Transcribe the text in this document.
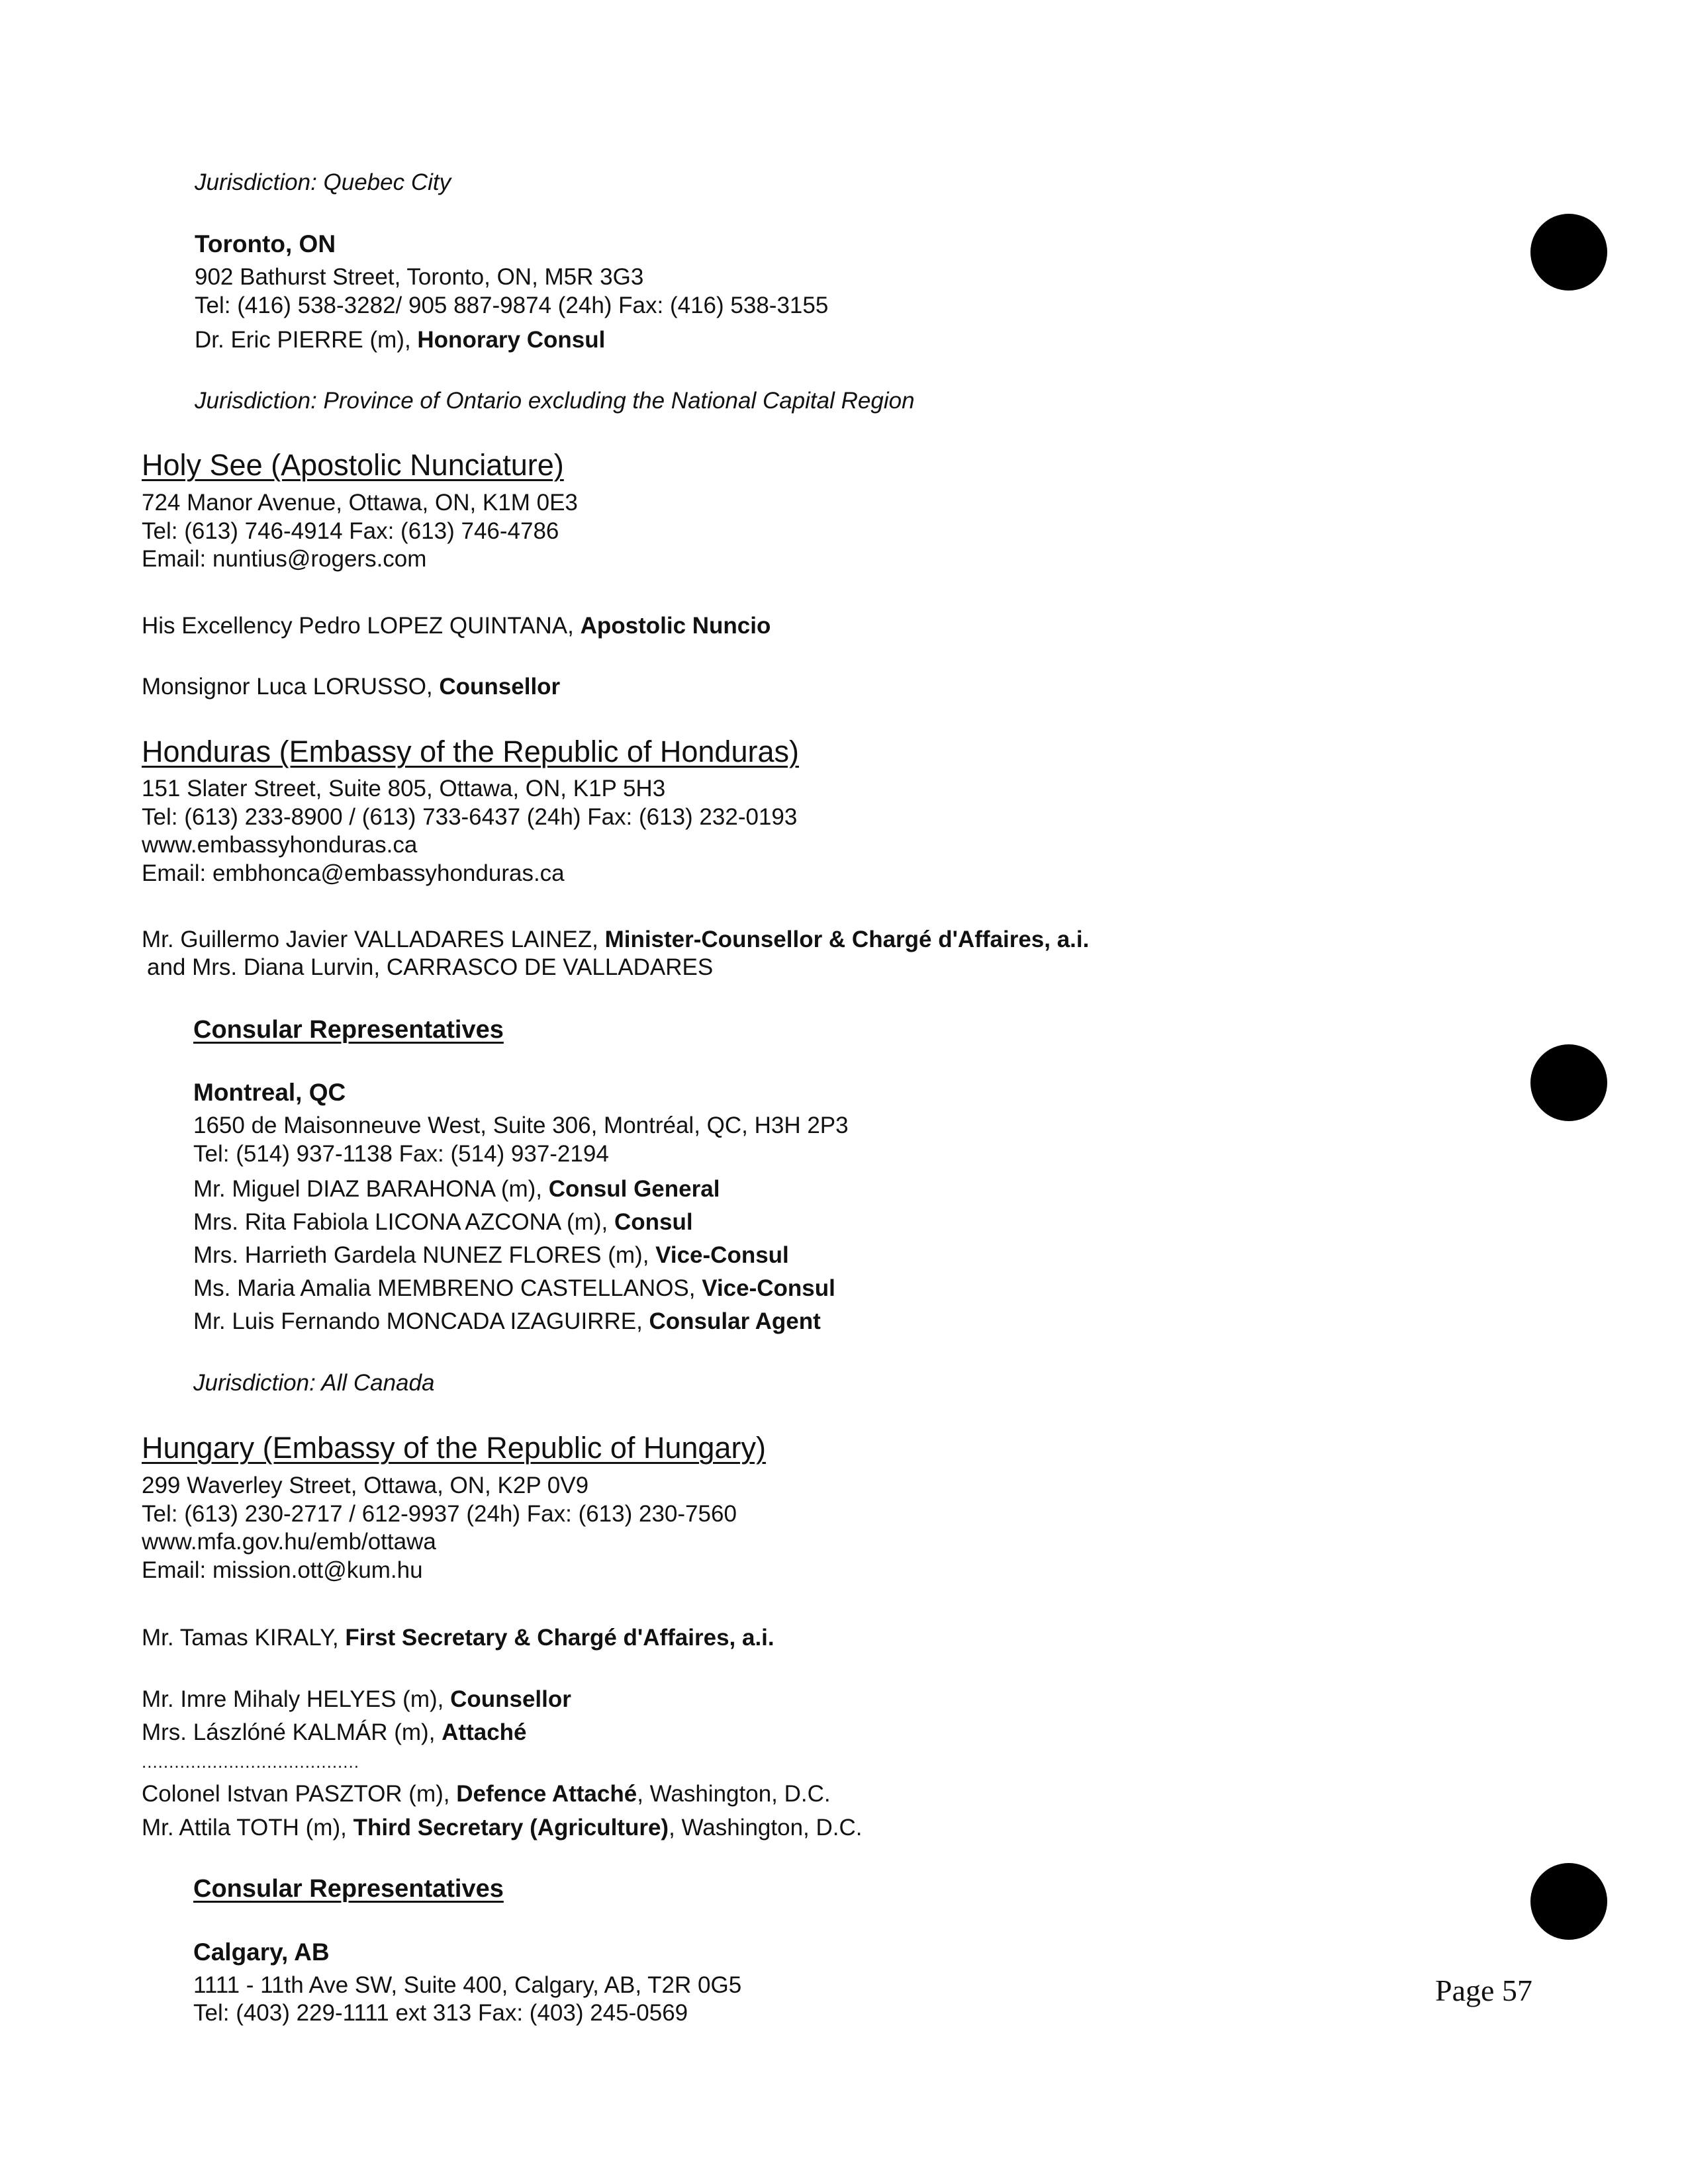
Page 57
Jurisdiction: Quebec City
Toronto, ON
902 Bathurst Street, Toronto, ON, M5R 3G3
Tel: (416) 538-3282/ 905 887-9874 (24h) Fax: (416) 538-3155
Dr. Eric PIERRE (m), Honorary Consul
Jurisdiction: Province of Ontario excluding the National Capital Region
Holy See (Apostolic Nunciature)
724 Manor Avenue, Ottawa, ON, K1M 0E3
Tel: (613) 746-4914 Fax: (613) 746-4786
Email: nuntius@rogers.com
His Excellency Pedro LOPEZ QUINTANA, Apostolic Nuncio
Monsignor Luca LORUSSO, Counsellor
Honduras (Embassy of the Republic of Honduras)
151 Slater Street, Suite 805, Ottawa, ON, K1P 5H3
Tel: (613) 233-8900 / (613) 733-6437 (24h) Fax: (613) 232-0193
www.embassyhonduras.ca
Email: embhonca@embassyhonduras.ca
Mr. Guillermo Javier VALLADARES LAINEZ, Minister-Counsellor & Chargé d'Affaires, a.i.
and Mrs. Diana Lurvin, CARRASCO DE VALLADARES
Consular Representatives
Montreal, QC
1650 de Maisonneuve West, Suite 306, Montréal, QC, H3H 2P3
Tel: (514) 937-1138 Fax: (514) 937-2194
Mr. Miguel DIAZ BARAHONA (m), Consul General
Mrs. Rita Fabiola LICONA AZCONA (m), Consul
Mrs. Harrieth Gardela NUNEZ FLORES (m), Vice-Consul
Ms. Maria Amalia MEMBRENO CASTELLANOS, Vice-Consul
Mr. Luis Fernando MONCADA IZAGUIRRE, Consular Agent
Jurisdiction: All Canada
Hungary (Embassy of the Republic of Hungary)
299 Waverley Street, Ottawa, ON, K2P 0V9
Tel: (613) 230-2717 / 612-9937 (24h) Fax: (613) 230-7560
www.mfa.gov.hu/emb/ottawa
Email: mission.ott@kum.hu
Mr. Tamas KIRALY, First Secretary & Chargé d'Affaires, a.i.
Mr. Imre Mihaly HELYES (m), Counsellor
Mrs. Lászlóné KALMÁR (m), Attaché
........................................
Colonel Istvan PASZTOR (m), Defence Attaché, Washington, D.C.
Mr. Attila TOTH (m), Third Secretary (Agriculture), Washington, D.C.
Consular Representatives
Calgary, AB
1111 - 11th Ave SW, Suite 400, Calgary, AB, T2R 0G5
Tel: (403) 229-1111 ext 313 Fax: (403) 245-0569
